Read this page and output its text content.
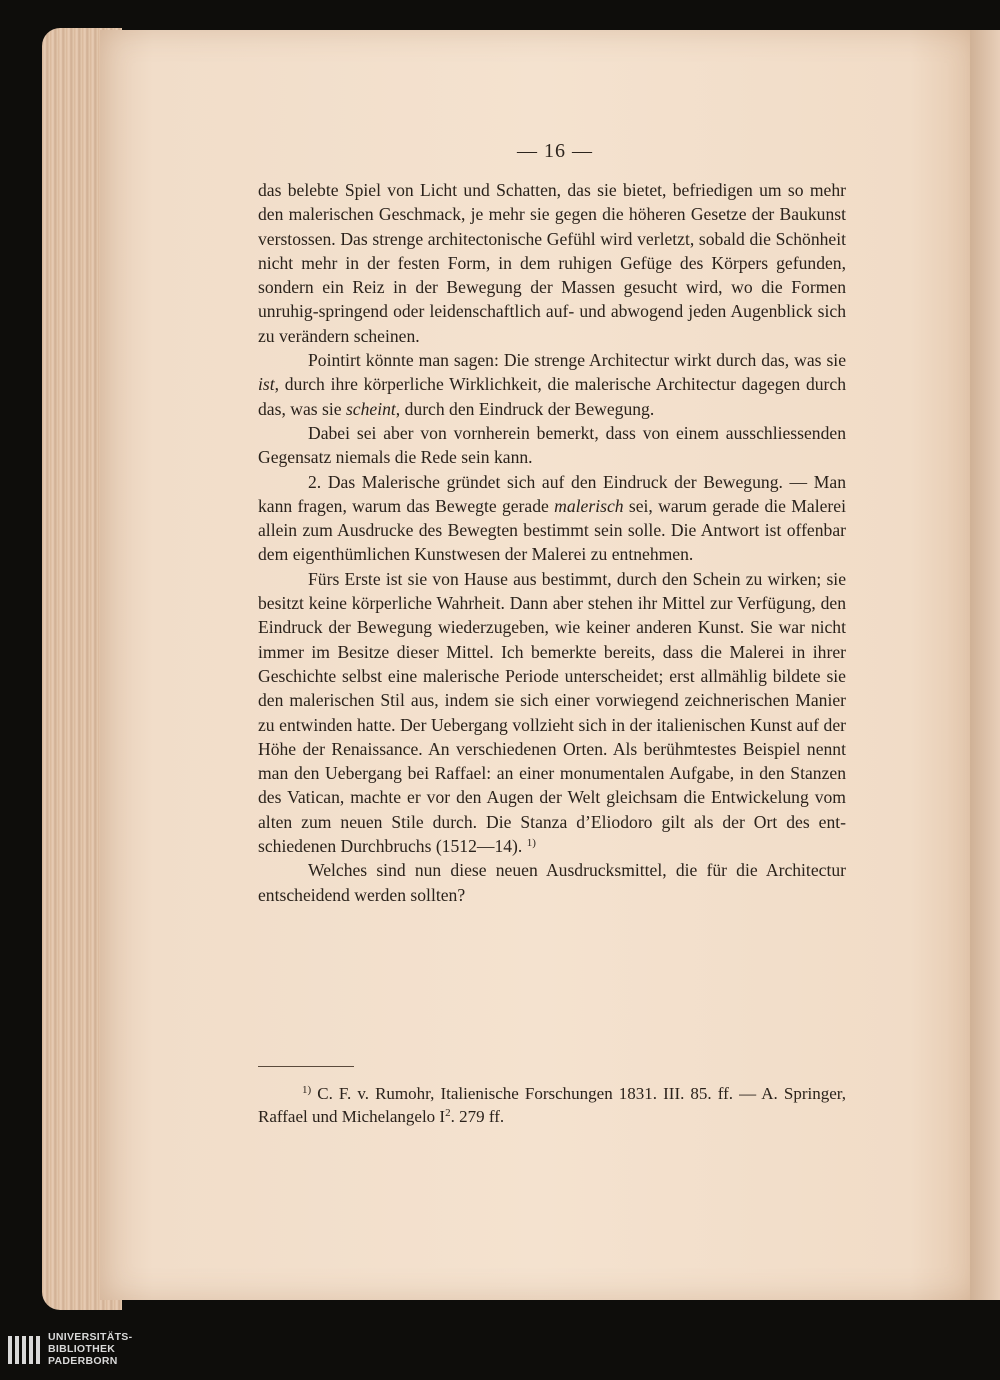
— 16 —

das belebte Spiel von Licht und Schatten, das sie bietet, befriedigen um so mehr den malerischen Geschmack, je mehr sie gegen die höheren Gesetze der Baukunst verstossen. Das strenge architectonische Gefühl wird verletzt, sobald die Schönheit nicht mehr in der festen Form, in dem ruhigen Gefüge des Körpers gefunden, sondern ein Reiz in der Bewegung der Massen gesucht wird, wo die Formen unruhig-springend oder leidenschaftlich auf- und abwogend jeden Augenblick sich zu verändern scheinen.

Pointirt könnte man sagen: Die strenge Architectur wirkt durch das, was sie ist, durch ihre körperliche Wirklichkeit, die malerische Architectur dagegen durch das, was sie scheint, durch den Eindruck der Bewegung.

Dabei sei aber von vornherein bemerkt, dass von einem ausschliessenden Gegensatz niemals die Rede sein kann.

2. Das Malerische gründet sich auf den Eindruck der Bewegung. — Man kann fragen, warum das Bewegte gerade malerisch sei, warum gerade die Malerei allein zum Ausdrucke des Bewegten bestimmt sein solle. Die Antwort ist offenbar dem eigenthümlichen Kunstwesen der Malerei zu entnehmen.

Fürs Erste ist sie von Hause aus bestimmt, durch den Schein zu wirken; sie besitzt keine körperliche Wahrheit. Dann aber stehen ihr Mittel zur Verfügung, den Eindruck der Bewegung wiederzugeben, wie keiner anderen Kunst. Sie war nicht immer im Besitze dieser Mittel. Ich bemerkte bereits, dass die Malerei in ihrer Geschichte selbst eine malerische Periode unterscheidet; erst allmählig bildete sie den malerischen Stil aus, indem sie sich einer vorwiegend zeichnerischen Manier zu entwinden hatte. Der Uebergang vollzieht sich in der italienischen Kunst auf der Höhe der Renaissance. An verschiedenen Orten. Als berühmtestes Beispiel nennt man den Uebergang bei Raffael: an einer monumentalen Aufgabe, in den Stanzen des Vatican, machte er vor den Augen der Welt gleichsam die Entwickelung vom alten zum neuen Stile durch. Die Stanza d’Eliodoro gilt als der Ort des entschiedenen Durchbruchs (1512—14). $^{1)}$

Welches sind nun diese neuen Ausdrucksmittel, die für die Architectur entscheidend werden sollten?

$^{1)}$ C. F. v. Rumohr, Italienische Forschungen 1831. III. 85. ff. — A. Springer, Raffael und Michelangelo $I^2$. 279 ff.

UNIVERSITÄTS-
BIBLIOTHEK
PADERBORN
